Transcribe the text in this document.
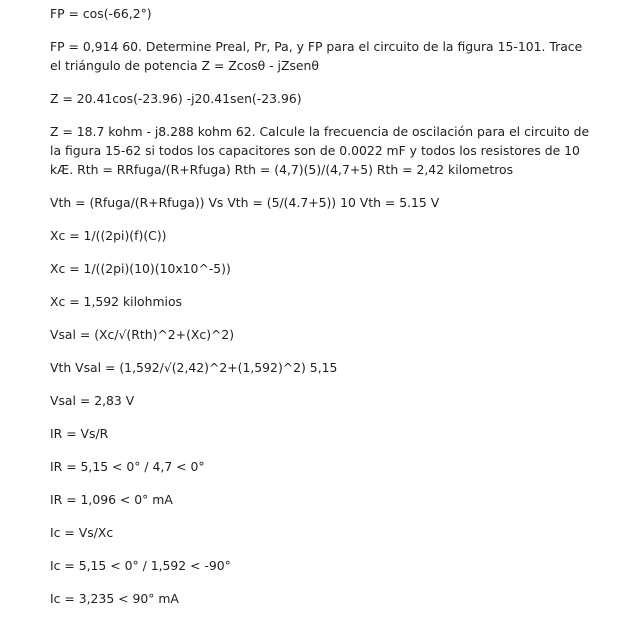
FP = cos(-66,2°)

FP = 0,914 60. Determine Preal, Pr, Pa, y FP para el circuito de la figura 15-101. Trace el triángulo de potencia Z = Zcosθ - jZsenθ

Z = 20.41cos(-23.96) -j20.41sen(-23.96)

Z = 18.7 kohm - j8.288 kohm 62. Calcule la frecuencia de oscilación para el circuito de la figura 15-62 si todos los capacitores son de 0.0022 mF y todos los resistores de 10 kÆ. Rth = RRfuga/(R+Rfuga) Rth = (4,7)(5)/(4,7+5) Rth = 2,42 kilometros

Vth = (Rfuga/(R+Rfuga)) Vs Vth = (5/(4.7+5)) 10 Vth = 5.15 V

Xc = 1/((2pi)(f)(C))

Xc = 1/((2pi)(10)(10x10^-5))

Xc = 1,592 kilohmios

Vsal = (Xc/√(Rth)^2+(Xc)^2)

Vth Vsal = (1,592/√(2,42)^2+(1,592)^2) 5,15

Vsal = 2,83 V

IR = Vs/R

IR = 5,15 < 0° / 4,7 < 0°

IR = 1,096 < 0° mA

Ic = Vs/Xc

Ic = 5,15 < 0° / 1,592 < -90°

Ic = 3,235 < 90° mA
